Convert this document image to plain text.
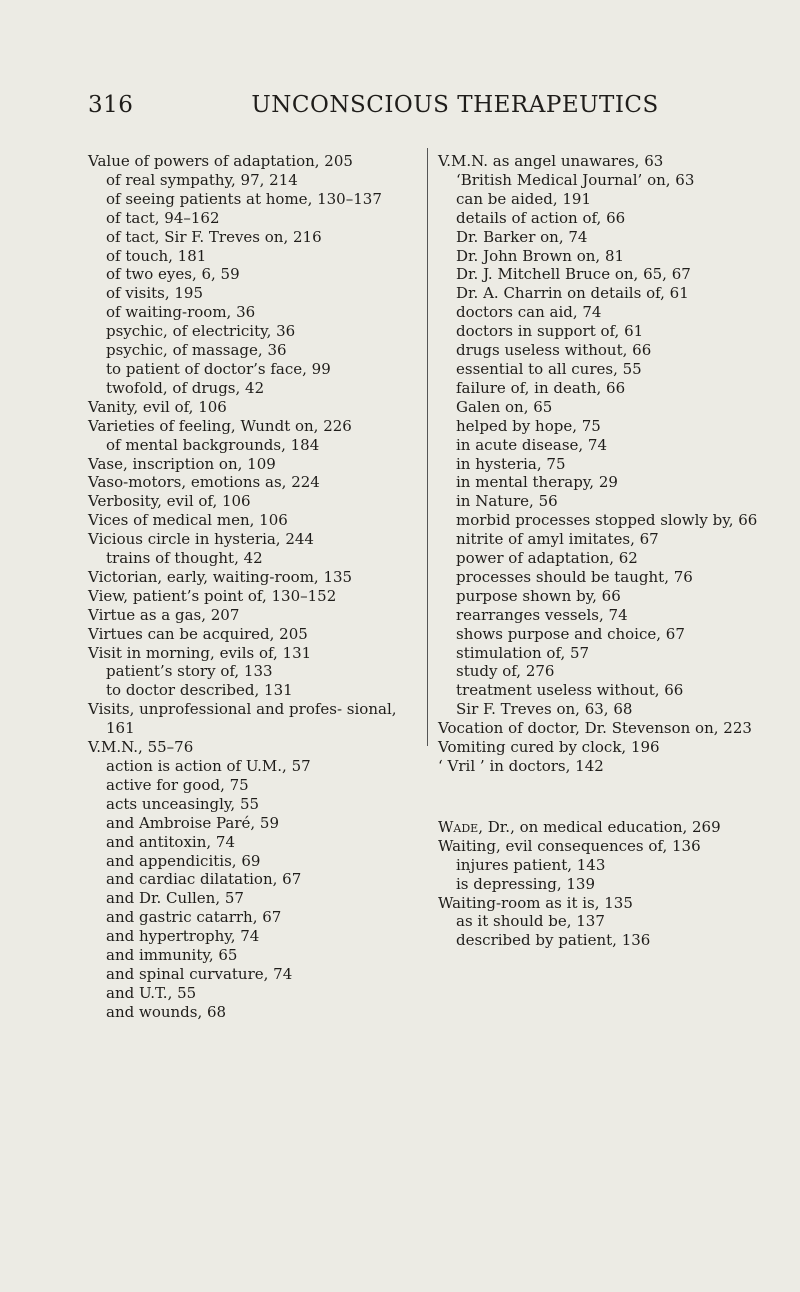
316	UNCONSCIOUS THERAPEUTICS

Value of powers of adaptation, 205

of real sympathy, 97, 214

of seeing patients at home, 130–137

of tact, 94–162

of tact, Sir F. Treves on, 216

of touch, 181

of two eyes, 6, 59

of visits, 195

of waiting-room, 36

psychic, of electricity, 36

psychic, of massage, 36

to patient of doctor’s face, 99

twofold, of drugs, 42

Vanity, evil of, 106

Varieties of feeling, Wundt on, 226

of mental backgrounds, 184

Vase, inscription on, 109

Vaso-motors, emotions as, 224

Verbosity, evil of, 106

Vices of medical men, 106

Vicious circle in hysteria, 244

trains of thought, 42

Victorian, early, waiting-room, 135

View, patient’s point of, 130–152

Virtue as a gas, 207

Virtues can be acquired, 205

Visit in morning, evils of, 131

patient’s story of, 133

to doctor described, 131

Visits, unprofessional and profes- sional, 161

V.M.N., 55–76

action is action of U.M., 57

active for good, 75

acts unceasingly, 55

and Ambroise Paré, 59

and antitoxin, 74

and appendicitis, 69

and cardiac dilatation, 67

and Dr. Cullen, 57

and gastric catarrh, 67

and hypertrophy, 74

and immunity, 65

and spinal curvature, 74

and U.T., 55

and wounds, 68

V.M.N. as angel unawares, 63

‘British Medical Journal’ on, 63

can be aided, 191

details of action of, 66

Dr. Barker on, 74

Dr. John Brown on, 81

Dr. J. Mitchell Bruce on, 65, 67

Dr. A. Charrin on details of, 61

doctors can aid, 74

doctors in support of, 61

drugs useless without, 66

essential to all cures, 55

failure of, in death, 66

Galen on, 65

helped by hope, 75

in acute disease, 74

in hysteria, 75

in mental therapy, 29

in Nature, 56

morbid processes stopped slowly by, 66

nitrite of amyl imitates, 67

power of adaptation, 62

processes should be taught, 76

purpose shown by, 66

rearranges vessels, 74

shows purpose and choice, 67

stimulation of, 57

study of, 276

treatment useless without, 66

Sir F. Treves on, 63, 68

Vocation of doctor, Dr. Stevenson on, 223

Vomiting cured by clock, 196

‘ Vril ’ in doctors, 142

Wade, Dr., on medical education, 269

Waiting, evil consequences of, 136

injures patient, 143

is depressing, 139

Waiting-room as it is, 135

as it should be, 137

described by patient, 136
